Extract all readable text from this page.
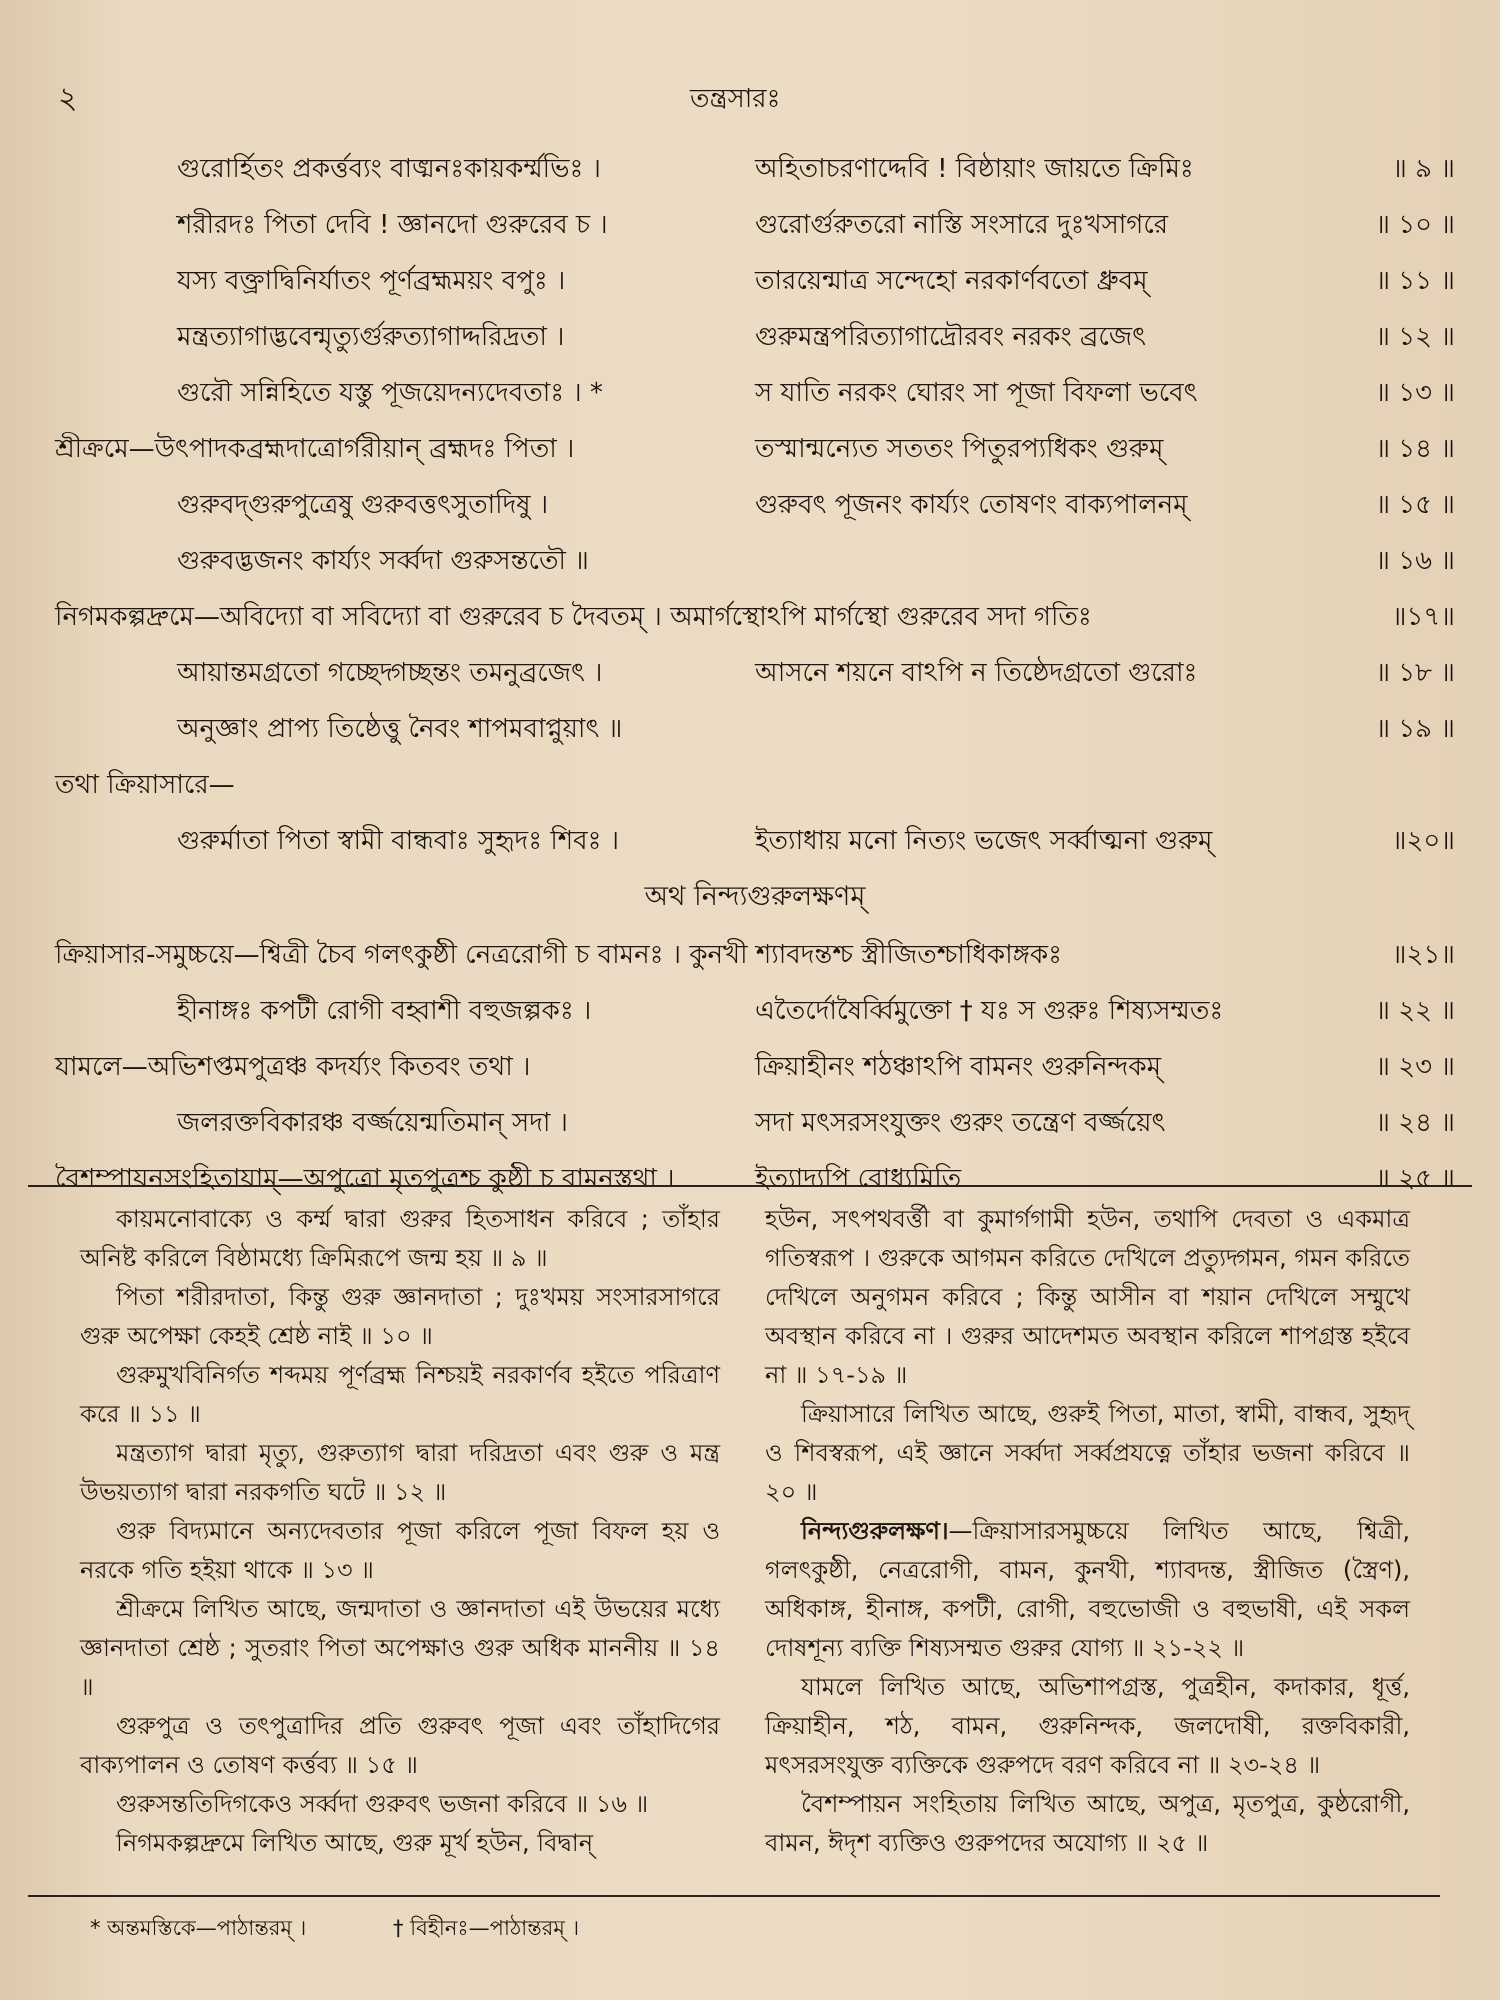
২	তন্ত্রসারঃ
গুরোর্হিতং প্রকর্ত্তব্যং বাঙ্মনঃকায়কর্ম্মভিঃ ।	অহিতাচরণাদ্দেবি ! বিষ্ঠায়াং জায়তে ক্রিমিঃ	॥ ৯ ॥
শরীরদঃ পিতা দেবি ! জ্ঞানদো গুরুরেব চ ।	গুরোর্গুরুতরো নাস্তি সংসারে দুঃখসাগরে	॥ ১০ ॥
যস্য বক্ত্রাদ্বিনির্যাতং পূর্ণব্রহ্মময়ং বপুঃ ।	তারয়েন্মাত্র সন্দেহো নরকার্ণবতো ধ্রুবম্	॥ ১১ ॥
মন্ত্রত্যাগাদ্ভবেন্মৃত্যুর্গুরুত্যাগাদ্দরিদ্রতা ।	গুরুমন্ত্রপরিত্যাগাদ্রৌরবং নরকং ব্রজেৎ	॥ ১২ ॥
গুরৌ সন্নিহিতে যস্তু পূজয়েদন্যদেবতাঃ । *	স যাতি নরকং ঘোরং সা পূজা বিফলা ভবেৎ	॥ ১৩ ॥
শ্রীক্রমে—উৎপাদকব্রহ্মদাত্রোর্গরীয়ান্ ব্রহ্মদঃ পিতা ।	তস্মান্মন্যেত সততং পিতুরপ্যধিকং গুরুম্	॥ ১৪ ॥
গুরুবদ্গুরুপুত্রেষু গুরুবত্তৎসুতাদিষু ।	গুরুবৎ পূজনং কার্য্যং তোষণং বাক্যপালনম্	॥ ১৫ ॥
গুরুবদ্ভজনং কার্য্যং সর্ব্বদা গুরুসন্ততৌ ॥	॥ ১৬ ॥
নিগমকল্পদ্রুমে—অবিদ্যো বা সবিদ্যো বা গুরুরেব চ দৈবতম্ । অমার্গস্থোঽপি মার্গস্থো গুরুরেব সদা গতিঃ	॥১৭॥
আয়ান্তমগ্রতো গচ্ছেদ্গচ্ছন্তং তমনুব্রজেৎ ।	আসনে শয়নে বাঽপি ন তিষ্ঠেদগ্রতো গুরোঃ	॥ ১৮ ॥
অনুজ্ঞাং প্রাপ্য তিষ্ঠেত্তু নৈবং শাপমবাপ্নুয়াৎ ॥	॥ ১৯ ॥
তথা ক্রিয়াসারে—
গুরুর্মাতা পিতা স্বামী বান্ধবাঃ সুহৃদঃ শিবঃ ।	ইত্যাধায় মনো নিত্যং ভজেৎ সর্ব্বাত্মনা গুরুম্	॥২০॥
অথ নিন্দ্যগুরুলক্ষণম্
ক্রিয়াসার-সমুচ্চয়ে—শ্বিত্রী চৈব গলৎকুষ্ঠী নেত্ররোগী চ বামনঃ । কুনখী শ্যাবদন্তশ্চ স্ত্রীজিতশ্চাধিকাঙ্গকঃ	॥২১॥
হীনাঙ্গঃ কপটী রোগী বহ্বাশী বহুজল্পকঃ ।	এতৈর্দোষৈর্ব্বিমুক্তো † যঃ স গুরুঃ শিষ্যসম্মতঃ	॥ ২২ ॥
যামলে—অভিশপ্তমপুত্রঞ্চ কদর্য্যং কিতবং তথা ।	ক্রিয়াহীনং শঠঞ্চাঽপি বামনং গুরুনিন্দকম্	॥ ২৩ ॥
জলরক্তবিকারঞ্চ বর্জ্জয়েন্মতিমান্ সদা ।	সদা মৎসরসংযুক্তং গুরুং তন্ত্রেণ বর্জ্জয়েৎ	॥ ২৪ ॥
বৈশম্পায়নসংহিতায়াম্—অপুত্রো মৃতপুত্রশ্চ কুষ্ঠী চ বামনস্তথা ।	ইত্যাদ্যপি বোধ্যমিতি	॥ ২৫ ॥

কায়মনোবাক্যে ও কর্ম্ম দ্বারা গুরুর হিতসাধন করিবে ; তাঁহার অনিষ্ট করিলে বিষ্ঠামধ্যে ক্রিমিরূপে জন্ম হয় ॥ ৯ ॥

পিতা শরীরদাতা, কিন্তু গুরু জ্ঞানদাতা ; দুঃখময় সংসারসাগরে গুরু অপেক্ষা কেহই শ্রেষ্ঠ নাই ॥ ১০ ॥

গুরুমুখবিনির্গত শব্দময় পূর্ণব্রহ্ম নিশ্চয়ই নরকার্ণব হইতে পরিত্রাণ করে ॥ ১১ ॥

মন্ত্রত্যাগ দ্বারা মৃত্যু, গুরুত্যাগ দ্বারা দরিদ্রতা এবং গুরু ও মন্ত্র উভয়ত্যাগ দ্বারা নরকগতি ঘটে ॥ ১২ ॥

গুরু বিদ্যমানে অন্যদেবতার পূজা করিলে পূজা বিফল হয় ও নরকে গতি হইয়া থাকে ॥ ১৩ ॥

শ্রীক্রমে লিখিত আছে, জন্মদাতা ও জ্ঞানদাতা এই উভয়ের মধ্যে জ্ঞানদাতা শ্রেষ্ঠ ; সুতরাং পিতা অপেক্ষাও গুরু অধিক মাননীয় ॥ ১৪ ॥

গুরুপুত্র ও তৎপুত্রাদির প্রতি গুরুবৎ পূজা এবং তাঁহাদিগের বাক্যপালন ও তোষণ কর্ত্তব্য ॥ ১৫ ॥

গুরুসন্ততিদিগকেও সর্ব্বদা গুরুবৎ ভজনা করিবে ॥ ১৬ ॥

নিগমকল্পদ্রুমে লিখিত আছে, গুরু মূর্খ হউন, বিদ্বান্

হউন, সৎপথবর্ত্তী বা কুমার্গগামী হউন, তথাপি দেবতা ও একমাত্র গতিস্বরূপ । গুরুকে আগমন করিতে দেখিলে প্রত্যুদ্গমন, গমন করিতে দেখিলে অনুগমন করিবে ; কিন্তু আসীন বা শয়ান দেখিলে সম্মুখে অবস্থান করিবে না । গুরুর আদেশমত অবস্থান করিলে শাপগ্রস্ত হইবে না ॥ ১৭-১৯ ॥

ক্রিয়াসারে লিখিত আছে, গুরুই পিতা, মাতা, স্বামী, বান্ধব, সুহৃদ্ ও শিবস্বরূপ, এই জ্ঞানে সর্ব্বদা সর্ব্বপ্রযত্নে তাঁহার ভজনা করিবে ॥ ২০ ॥

নিন্দ্যগুরুলক্ষণ।—ক্রিয়াসারসমুচ্চয়ে লিখিত আছে, শ্বিত্রী, গলৎকুষ্ঠী, নেত্ররোগী, বামন, কুনখী, শ্যাবদন্ত, স্ত্রীজিত (স্ত্রৈণ), অধিকাঙ্গ, হীনাঙ্গ, কপটী, রোগী, বহুভোজী ও বহুভাষী, এই সকল দোষশূন্য ব্যক্তি শিষ্যসম্মত গুরুর যোগ্য ॥ ২১-২২ ॥

যামলে লিখিত আছে, অভিশাপগ্রস্ত, পুত্রহীন, কদাকার, ধূর্ত্ত, ক্রিয়াহীন, শঠ, বামন, গুরুনিন্দক, জলদোষী, রক্তবিকারী, মৎসরসংযুক্ত ব্যক্তিকে গুরুপদে বরণ করিবে না ॥ ২৩-২৪ ॥

বৈশম্পায়ন সংহিতায় লিখিত আছে, অপুত্র, মৃতপুত্র, কুষ্ঠরোগী, বামন, ঈদৃশ ব্যক্তিও গুরুপদের অযোগ্য ॥ ২৫ ॥

* অন্তমস্তিকে—পাঠান্তরম্ ।	† বিহীনঃ—পাঠান্তরম্ ।
